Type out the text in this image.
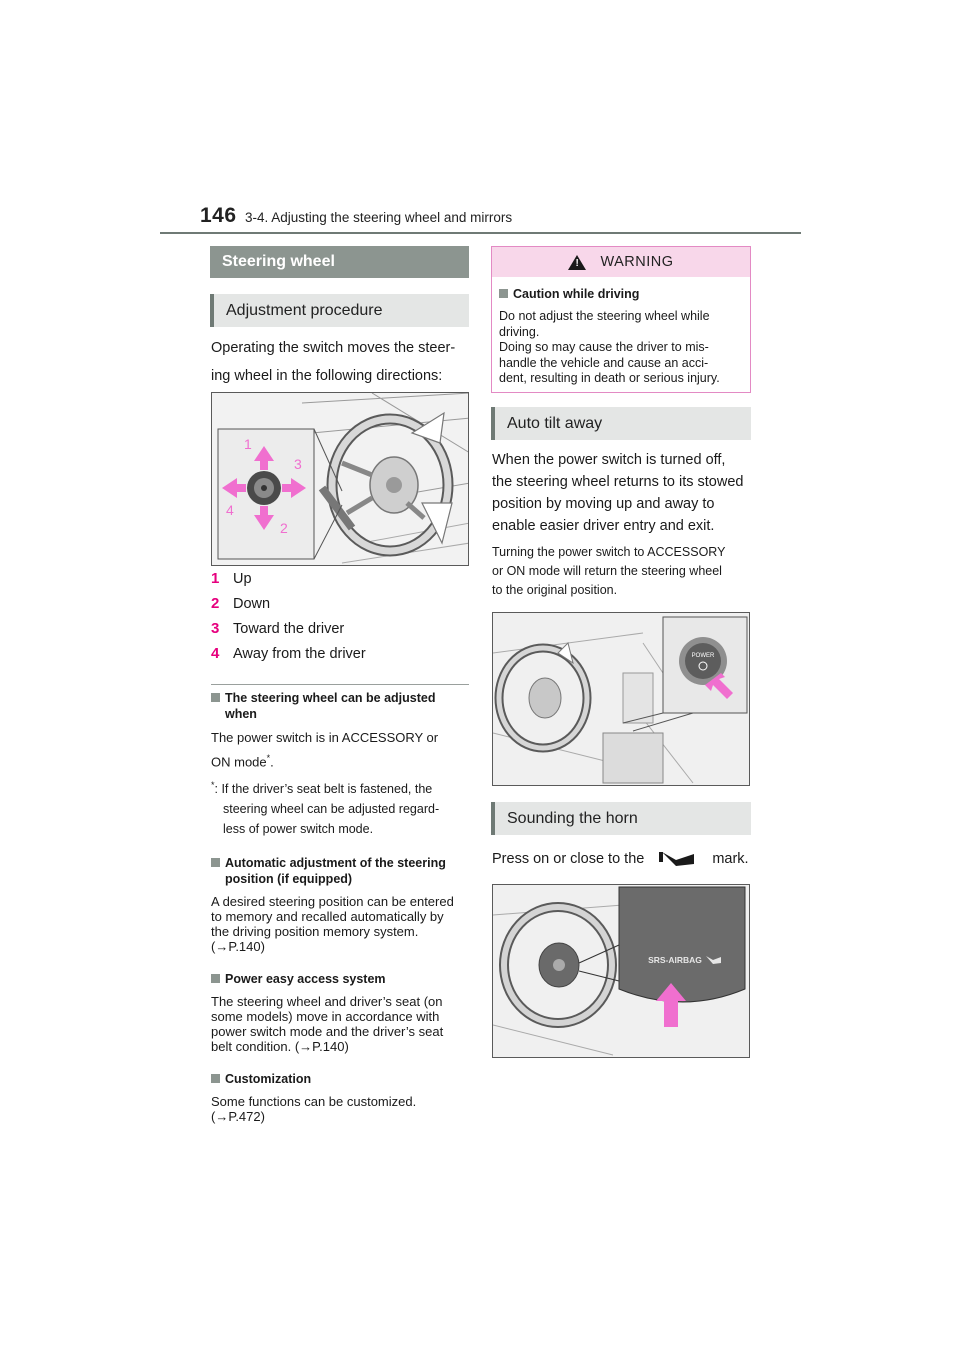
146 3-4. Adjusting the steering wheel and mirrors
Steering wheel
Adjustment procedure
Operating the switch moves the steer-
ing wheel in the following directions:
1
2
3
4
1 Up
2 Down
3 Toward the driver
4 Away from the driver
The steering wheel can be adjusted
when
The power switch is in ACCESSORY or
ON mode*.
*: If the driver’s seat belt is fastened, the
steering wheel can be adjusted regard-
less of power switch mode.
Automatic adjustment of the steering
position (if equipped)
A desired steering position can be entered
to memory and recalled automatically by
the driving position memory system.
(→P.140)
Power easy access system
The steering wheel and driver’s seat (on
some models) move in accordance with
power switch mode and the driver’s seat
belt condition. (→P.140)
Customization
Some functions can be customized.
(→P.472)
! WARNING
Caution while driving
Do not adjust the steering wheel while
driving.
Doing so may cause the driver to mis-
handle the vehicle and cause an acci-
dent, resulting in death or serious injury.
Auto tilt away
When the power switch is turned off,
the steering wheel returns to its stowed
position by moving up and away to
enable easier driver entry and exit.
Turning the power switch to ACCESSORY
or ON mode will return the steering wheel
to the original position.
POWER
Sounding the horn
Press on or close to the	mark.
SRS-AIRBAG
